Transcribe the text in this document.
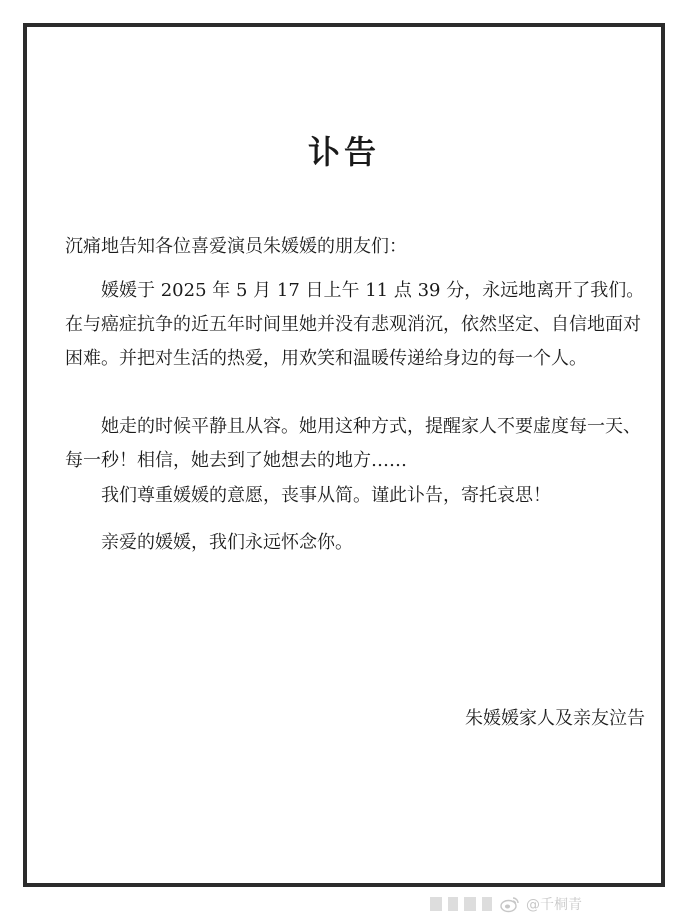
讣告
沉痛地告知各位喜爱演员朱媛媛的朋友们：
媛媛于 2025 年 5 月 17 日上午 11 点 39 分，永远地离开了我们。在与癌症抗争的近五年时间里她并没有悲观消沉，依然坚定、自信地面对困难。并把对生活的热爱，用欢笑和温暖传递给身边的每一个人。
她走的时候平静且从容。她用这种方式，提醒家人不要虚度每一天、每一秒！相信，她去到了她想去的地方……
我们尊重媛媛的意愿，丧事从简。谨此讣告，寄托哀思！
亲爱的媛媛，我们永远怀念你。
朱媛媛家人及亲友泣告
@千桐青
